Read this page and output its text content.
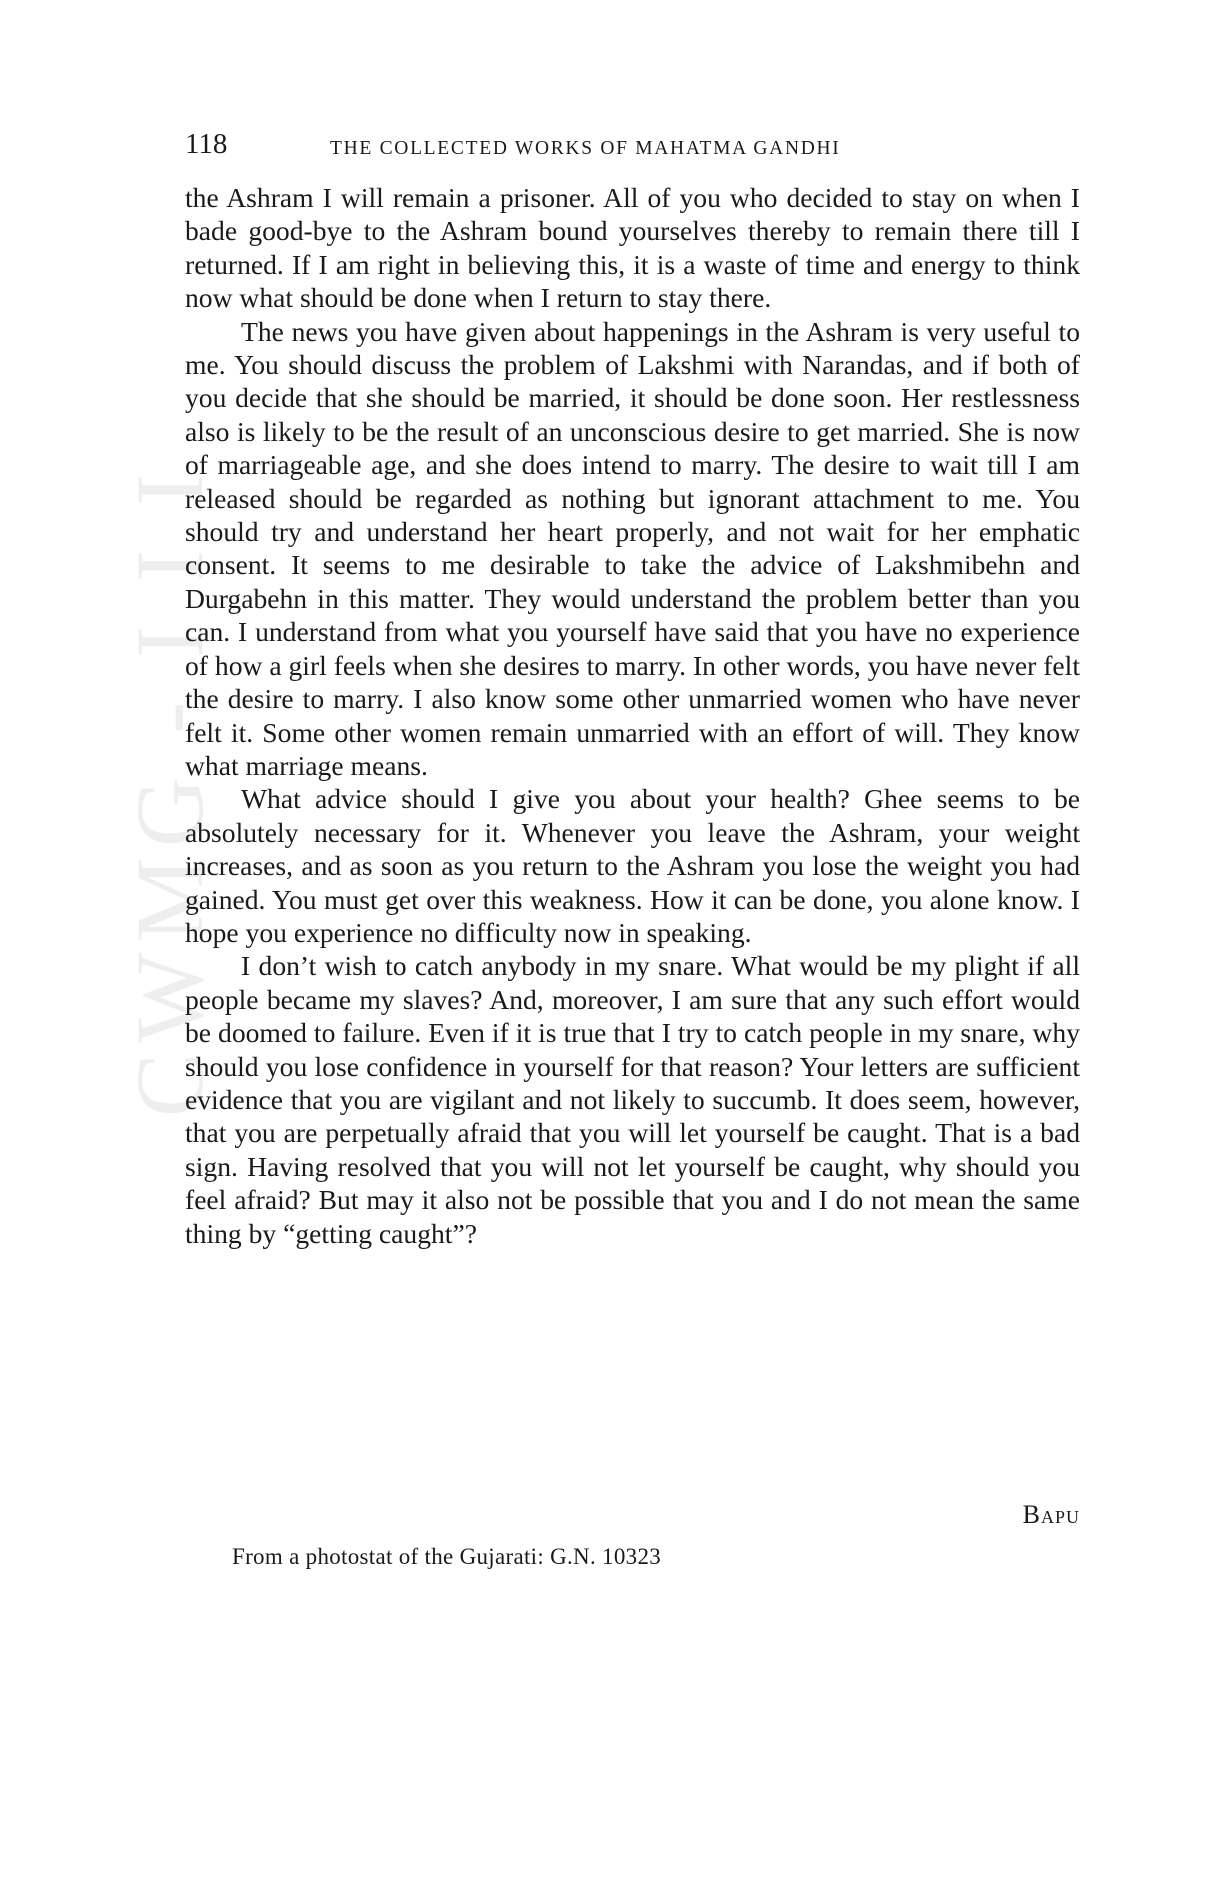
CWMG - I I I
118	THE COLLECTED WORKS OF MAHATMA GANDHI

the Ashram I will remain a prisoner. All of you who decided to stay on when I bade good-bye to the Ashram bound yourselves thereby to remain there till I returned. If I am right in believing this, it is a waste of time and energy to think now what should be done when I return to stay there.

The news you have given about happenings in the Ashram is very useful to me. You should discuss the problem of Lakshmi with Narandas, and if both of you decide that she should be married, it should be done soon. Her restlessness also is likely to be the result of an unconscious desire to get married. She is now of marriageable age, and she does intend to marry. The desire to wait till I am released should be regarded as nothing but ignorant attachment to me. You should try and understand her heart properly, and not wait for her emphatic consent. It seems to me desirable to take the advice of Lakshmibehn and Durgabehn in this matter. They would understand the problem better than you can. I understand from what you yourself have said that you have no experience of how a girl feels when she desires to marry. In other words, you have never felt the desire to marry. I also know some other unmarried women who have never felt it. Some other women remain unmarried with an effort of will. They know what marriage means.

What advice should I give you about your health? Ghee seems to be absolutely necessary for it. Whenever you leave the Ashram, your weight increases, and as soon as you return to the Ashram you lose the weight you had gained. You must get over this weakness. How it can be done, you alone know. I hope you experience no difficulty now in speaking.

I don’t wish to catch anybody in my snare. What would be my plight if all people became my slaves? And, moreover, I am sure that any such effort would be doomed to failure. Even if it is true that I try to catch people in my snare, why should you lose confidence in yourself for that reason? Your letters are sufficient evidence that you are vigilant and not likely to succumb. It does seem, however, that you are perpetually afraid that you will let yourself be caught. That is a bad sign. Having resolved that you will not let yourself be caught, why should you feel afraid? But may it also not be possible that you and I do not mean the same thing by “getting caught”?

Bapu
From a photostat of the Gujarati: G.N. 10323
